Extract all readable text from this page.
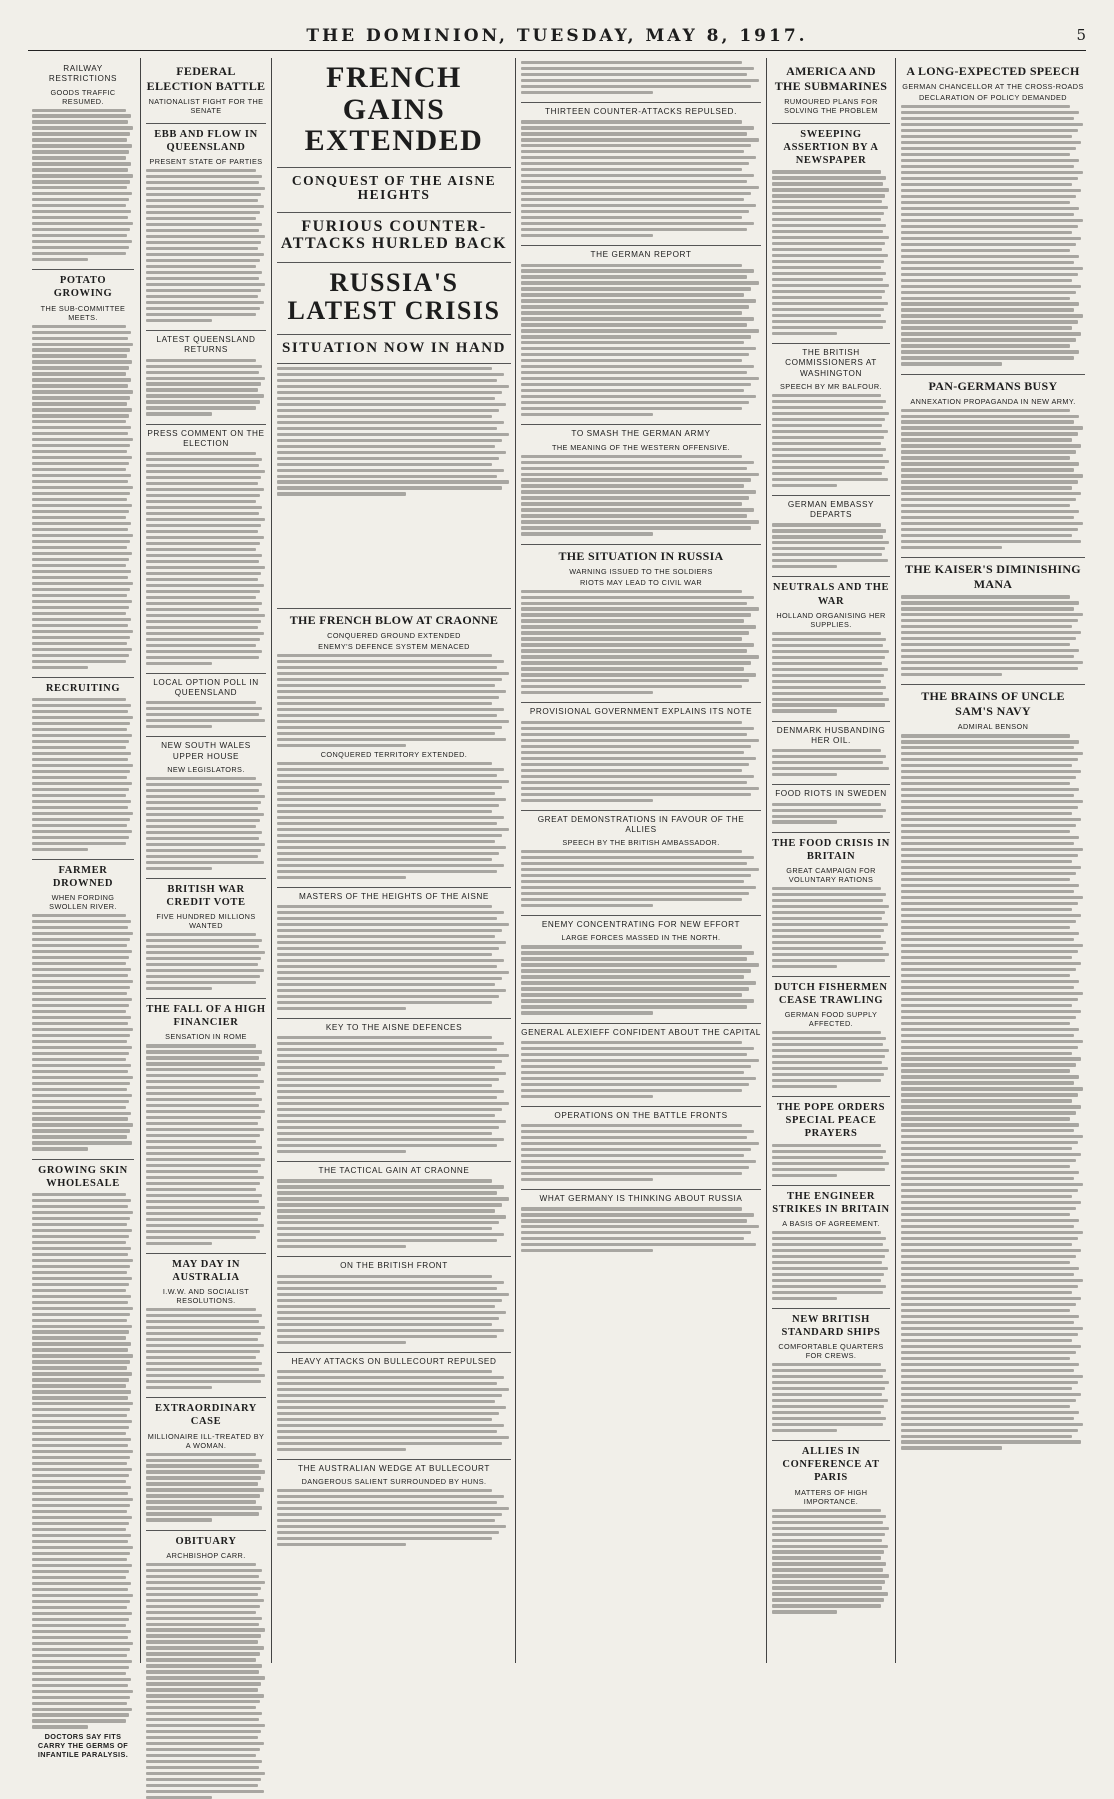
THE DOMINION, TUESDAY, MAY 8, 1917.	5
RAILWAY RESTRICTIONS
GOODS TRAFFIC RESUMED.
POTATO GROWING
THE SUB-COMMITTEE MEETS.
RECRUITING
FARMER DROWNED
WHEN FORDING SWOLLEN RIVER.
GROWING SKIN WHOLESALE
DOCTORS SAY FITS CARRY THE GERMS OF INFANTILE PARALYSIS.
FEDERAL ELECTION BATTLE
NATIONALIST FIGHT FOR THE SENATE
EBB AND FLOW IN QUEENSLAND
PRESENT STATE OF PARTIES
LATEST QUEENSLAND RETURNS
PRESS COMMENT ON THE ELECTION
LOCAL OPTION POLL IN QUEENSLAND
NEW SOUTH WALES UPPER HOUSE
NEW LEGISLATORS.
BRITISH WAR CREDIT VOTE
FIVE HUNDRED MILLIONS WANTED
THE FALL OF A HIGH FINANCIER
SENSATION IN ROME
MAY DAY IN AUSTRALIA
I.W.W. AND SOCIALIST RESOLUTIONS.
EXTRAORDINARY CASE
MILLIONAIRE ILL-TREATED BY A WOMAN.
OBITUARY
ARCHBISHOP CARR.
FRENCH GAINS EXTENDED
CONQUEST OF THE AISNE HEIGHTS
FURIOUS COUNTER-ATTACKS HURLED BACK
RUSSIA'S LATEST CRISIS
SITUATION NOW IN HAND
THE FRENCH BLOW AT CRAONNE
CONQUERED GROUND EXTENDED
ENEMY'S DEFENCE SYSTEM MENACED
CONQUERED TERRITORY EXTENDED.
MASTERS OF THE HEIGHTS OF THE AISNE
KEY TO THE AISNE DEFENCES
THE TACTICAL GAIN AT CRAONNE
ON THE BRITISH FRONT
HEAVY ATTACKS ON BULLECOURT REPULSED
THE AUSTRALIAN WEDGE AT BULLECOURT
DANGEROUS SALIENT SURROUNDED BY HUNS.
THIRTEEN COUNTER-ATTACKS REPULSED.
THE GERMAN REPORT
TO SMASH THE GERMAN ARMY
THE MEANING OF THE WESTERN OFFENSIVE.
THE SITUATION IN RUSSIA
WARNING ISSUED TO THE SOLDIERS
RIOTS MAY LEAD TO CIVIL WAR
PROVISIONAL GOVERNMENT EXPLAINS ITS NOTE
GREAT DEMONSTRATIONS IN FAVOUR OF THE ALLIES
SPEECH BY THE BRITISH AMBASSADOR.
ENEMY CONCENTRATING FOR NEW EFFORT
LARGE FORCES MASSED IN THE NORTH.
GENERAL ALEXIEFF CONFIDENT ABOUT THE CAPITAL
OPERATIONS ON THE BATTLE FRONTS
WHAT GERMANY IS THINKING ABOUT RUSSIA
AMERICA AND THE SUBMARINES
RUMOURED PLANS FOR SOLVING THE PROBLEM
SWEEPING ASSERTION BY A NEWSPAPER
THE BRITISH COMMISSIONERS AT WASHINGTON
SPEECH BY MR BALFOUR.
GERMAN EMBASSY DEPARTS
NEUTRALS AND THE WAR
HOLLAND ORGANISING HER SUPPLIES.
DENMARK HUSBANDING HER OIL.
FOOD RIOTS IN SWEDEN
THE FOOD CRISIS IN BRITAIN
GREAT CAMPAIGN FOR VOLUNTARY RATIONS
DUTCH FISHERMEN CEASE TRAWLING
GERMAN FOOD SUPPLY AFFECTED.
THE POPE ORDERS SPECIAL PEACE PRAYERS
THE ENGINEER STRIKES IN BRITAIN
A BASIS OF AGREEMENT.
NEW BRITISH STANDARD SHIPS
COMFORTABLE QUARTERS FOR CREWS.
ALLIES IN CONFERENCE AT PARIS
MATTERS OF HIGH IMPORTANCE.
A LONG-EXPECTED SPEECH
GERMAN CHANCELLOR AT THE CROSS-ROADS
DECLARATION OF POLICY DEMANDED
PAN-GERMANS BUSY
ANNEXATION PROPAGANDA IN NEW ARMY.
THE KAISER'S DIMINISHING MANA
THE BRAINS OF UNCLE SAM'S NAVY
ADMIRAL BENSON
